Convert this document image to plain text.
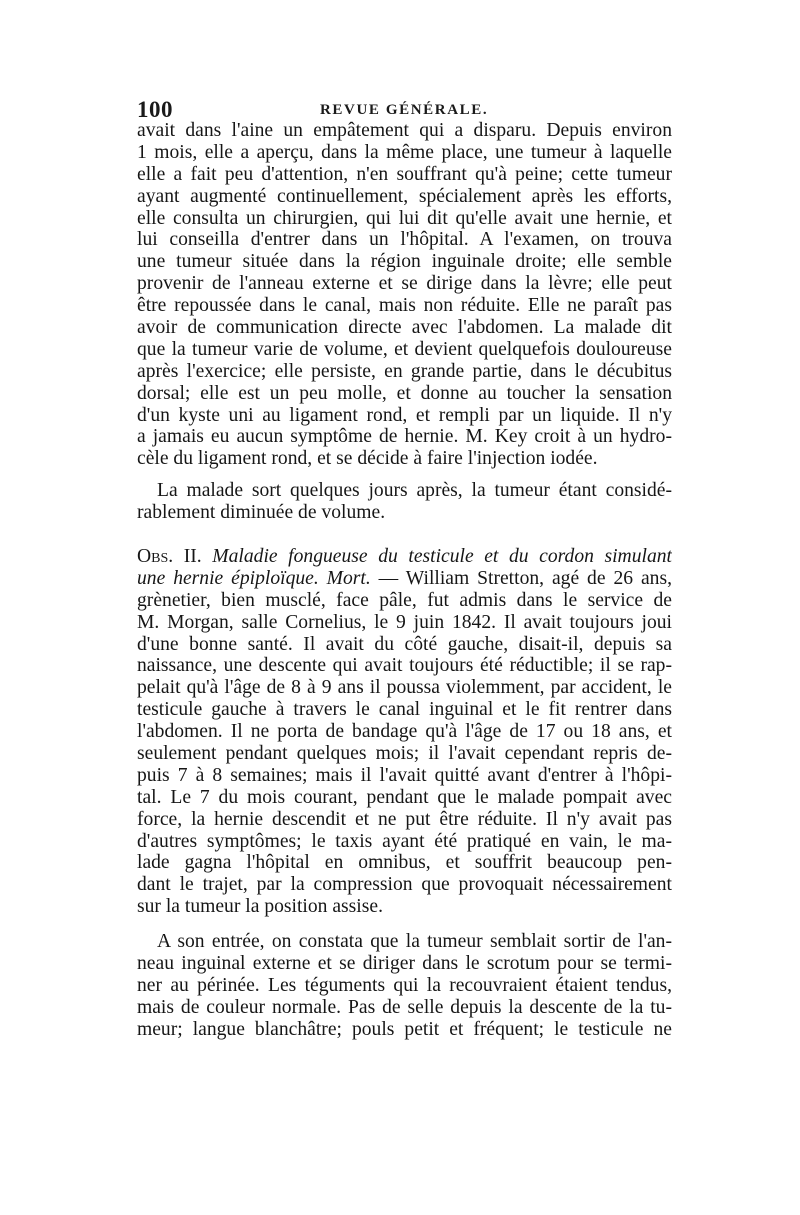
100	REVUE GÉNÉRALE.
avait dans l'aine un empâtement qui a disparu. Depuis environ
1 mois, elle a aperçu, dans la même place, une tumeur à laquelle
elle a fait peu d'attention, n'en souffrant qu'à peine; cette tumeur
ayant augmenté continuellement, spécialement après les efforts,
elle consulta un chirurgien, qui lui dit qu'elle avait une hernie, et
lui conseilla d'entrer dans un l'hôpital. A l'examen, on trouva
une tumeur située dans la région inguinale droite; elle semble
provenir de l'anneau externe et se dirige dans la lèvre; elle peut
être repoussée dans le canal, mais non réduite. Elle ne paraît pas
avoir de communication directe avec l'abdomen. La malade dit
que la tumeur varie de volume, et devient quelquefois douloureuse
après l'exercice; elle persiste, en grande partie, dans le décubitus
dorsal; elle est un peu molle, et donne au toucher la sensation
d'un kyste uni au ligament rond, et rempli par un liquide. Il n'y
a jamais eu aucun symptôme de hernie. M. Key croit à un hydro-
cèle du ligament rond, et se décide à faire l'injection iodée.
La malade sort quelques jours après, la tumeur étant considé-
rablement diminuée de volume.
Obs. II. Maladie fongueuse du testicule et du cordon simulant
une hernie épiploïque. Mort. — William Stretton, agé de 26 ans,
grènetier, bien musclé, face pâle, fut admis dans le service de
M. Morgan, salle Cornelius, le 9 juin 1842. Il avait toujours joui
d'une bonne santé. Il avait du côté gauche, disait-il, depuis sa
naissance, une descente qui avait toujours été réductible; il se rap-
pelait qu'à l'âge de 8 à 9 ans il poussa violemment, par accident, le
testicule gauche à travers le canal inguinal et le fit rentrer dans
l'abdomen. Il ne porta de bandage qu'à l'âge de 17 ou 18 ans, et
seulement pendant quelques mois; il l'avait cependant repris de-
puis 7 à 8 semaines; mais il l'avait quitté avant d'entrer à l'hôpi-
tal. Le 7 du mois courant, pendant que le malade pompait avec
force, la hernie descendit et ne put être réduite. Il n'y avait pas
d'autres symptômes; le taxis ayant été pratiqué en vain, le ma-
lade gagna l'hôpital en omnibus, et souffrit beaucoup pen-
dant le trajet, par la compression que provoquait nécessairement
sur la tumeur la position assise.
A son entrée, on constata que la tumeur semblait sortir de l'an-
neau inguinal externe et se diriger dans le scrotum pour se termi-
ner au périnée. Les téguments qui la recouvraient étaient tendus,
mais de couleur normale. Pas de selle depuis la descente de la tu-
meur; langue blanchâtre; pouls petit et fréquent; le testicule ne
